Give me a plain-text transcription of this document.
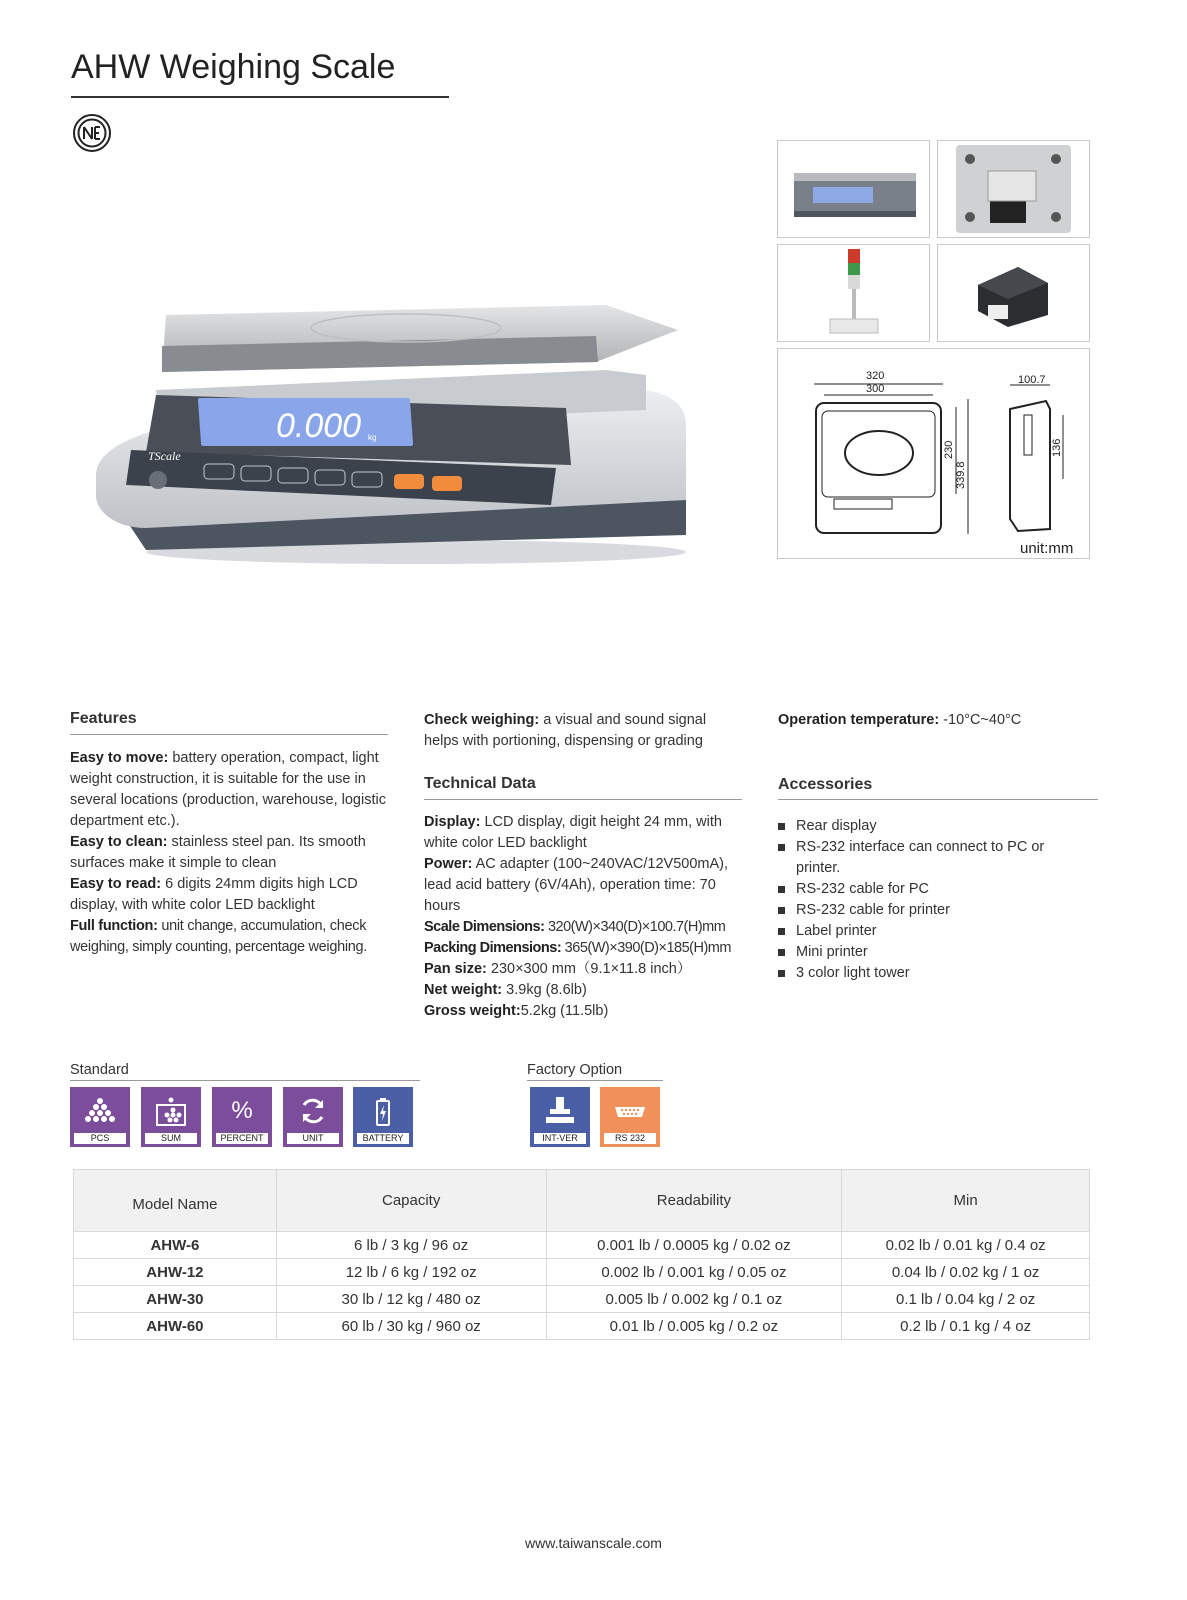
AHW Weighing Scale
0.000 kg
TScale
320
300
230
339.8
100.7
136
unit:mm
Features
Easy to move: battery operation, compact, light weight construction, it is suitable for the use in several locations (production, warehouse, logistic department etc.).
Easy to clean: stainless steel pan. Its smooth surfaces make it simple to clean
Easy to read: 6 digits 24mm digits high LCD display, with white color LED backlight
Full function: unit change, accumulation, check weighing, simply counting, percentage weighing.
Check weighing: a visual and sound signal helps with portioning, dispensing or grading
Technical Data
Display: LCD display, digit height 24 mm, with white color LED backlight
Power: AC adapter (100~240VAC/12V500mA), lead acid battery (6V/4Ah), operation time: 70 hours
Scale Dimensions: 320(W)×340(D)×100.7(H)mm
Packing Dimensions: 365(W)×390(D)×185(H)mm
Pan size: 230×300 mm（9.1×11.8 inch）
Net weight: 3.9kg (8.6lb)
Gross weight:5.2kg (11.5lb)
Operation temperature: -10°C~40°C
Accessories
Rear display
RS-232 interface can connect to PC or printer.
RS-232 cable for PC
RS-232 cable for printer
Label printer
Mini printer
3 color light tower
Standard
PCS	SUM
%
PERCENT	UNIT	BATTERY
Factory Option
INT-VER	RS 232
Model Name	Capacity	Readability	Min
AHW-6	6 lb / 3 kg / 96 oz	0.001 lb / 0.0005 kg / 0.02 oz	0.02 lb / 0.01 kg / 0.4 oz
AHW-12	12 lb / 6 kg / 192 oz	0.002 lb / 0.001 kg / 0.05 oz	0.04 lb / 0.02 kg / 1 oz
AHW-30	30 lb / 12 kg / 480 oz	0.005 lb / 0.002 kg / 0.1 oz	0.1 lb / 0.04 kg / 2 oz
AHW-60	60 lb / 30 kg / 960 oz	0.01 lb / 0.005 kg / 0.2 oz	0.2 lb / 0.1 kg / 4 oz
www.taiwanscale.com
